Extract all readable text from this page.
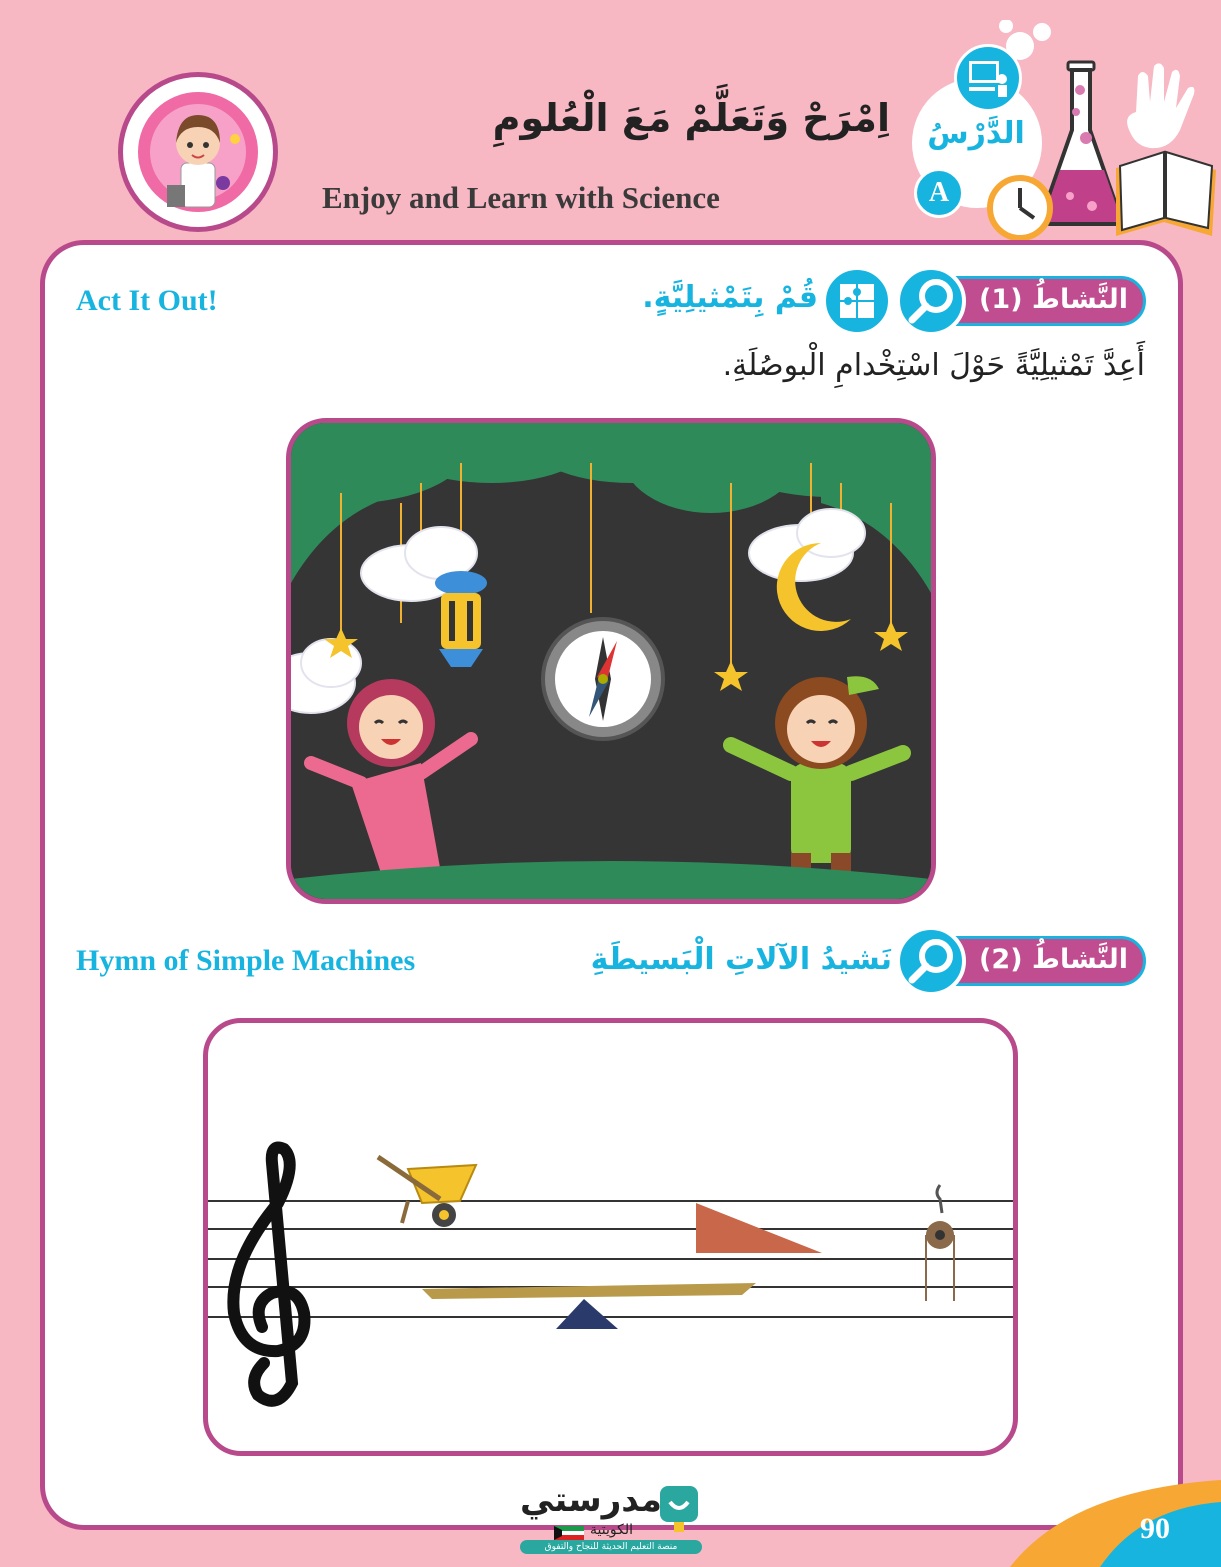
اِمْرَحْ وَتَعَلَّمْ مَعَ الْعُلومِ
Enjoy and Learn with Science
الدَّرْسُ
A
النَّشاطُ (1)
قُمْ بِتَمْثيلِيَّةٍ.
Act It Out!
أَعِدَّ تَمْثيلِيَّةً حَوْلَ اسْتِخْدامِ الْبوصُلَةِ.
النَّشاطُ (2)
نَشيدُ الآلاتِ الْبَسيطَةِ
Hymn of Simple Machines
مدرستي
الكويتية
منصة التعليم الحديثة للنجاح والتفوق
90
